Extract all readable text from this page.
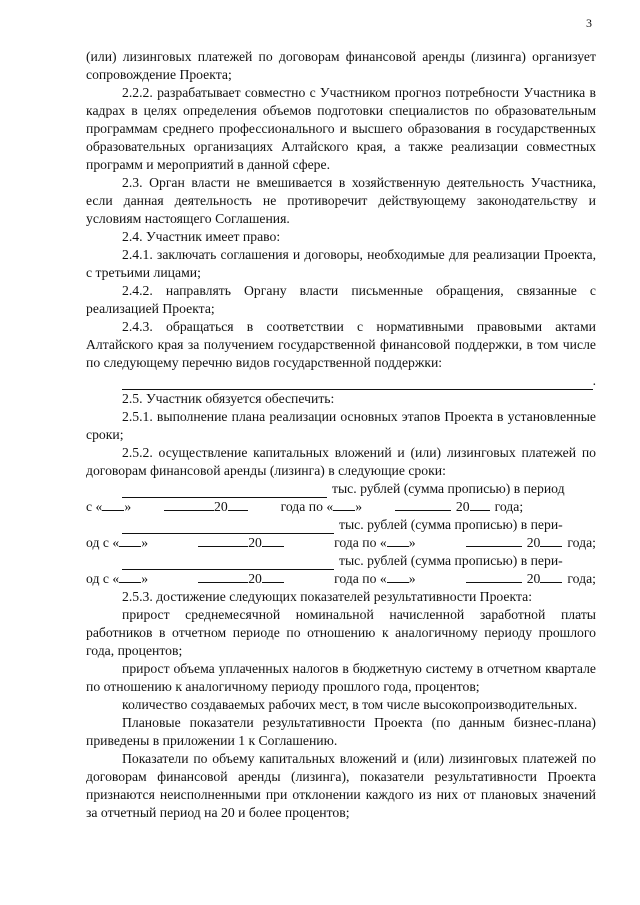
3

(или) лизинговых платежей по договорам финансовой аренды (лизинга) организует сопровождение Проекта;

2.2.2. разрабатывает совместно с Участником прогноз потребности Участника в кадрах в целях определения объемов подготовки специалистов по образовательным программам среднего профессионального и высшего образования в государственных образовательных организациях Алтайского края, а также реализации совместных программ и мероприятий в данной сфере.

2.3. Орган власти не вмешивается в хозяйственную деятельность Участника, если данная деятельность не противоречит действующему законодательству и условиям настоящего Соглашения.

2.4. Участник имеет право:

2.4.1. заключать соглашения и договоры, необходимые для реализации Проекта, с третьими лицами;

2.4.2. направлять Органу власти письменные обращения, связанные с реализацией Проекта;

2.4.3. обращаться в соответствии с нормативными правовыми актами Алтайского края за получением государственной финансовой поддержки, в том числе по следующему перечню видов государственной поддержки:

.

2.5. Участник обязуется обеспечить:

2.5.1. выполнение плана реализации основных этапов Проекта в установленные сроки;

2.5.2. осуществление капитальных вложений и (или) лизинговых платежей по договорам финансовой аренды (лизинга) в следующие сроки:

тыс. рублей (сумма прописью) в период
с « »	20	года по « »	20 года;
тыс. рублей (сумма прописью) в пери-
од с « »	20	года по « »	20 года;
тыс. рублей (сумма прописью) в пери-
од с « »	20	года по « »	20 года;

2.5.3. достижение следующих показателей результативности Проекта:

прирост среднемесячной номинальной начисленной заработной платы работников в отчетном периоде по отношению к аналогичному периоду прошлого года, процентов;

прирост объема уплаченных налогов в бюджетную систему в отчетном квартале по отношению к аналогичному периоду прошлого года, процентов;

количество создаваемых рабочих мест, в том числе высокопроизводительных.

Плановые показатели результативности Проекта (по данным бизнес-плана) приведены в приложении 1 к Соглашению.

Показатели по объему капитальных вложений и (или) лизинговых платежей по договорам финансовой аренды (лизинга), показатели результативности Проекта признаются неисполненными при отклонении каждого из них от плановых значений за отчетный период на 20 и более процентов;
